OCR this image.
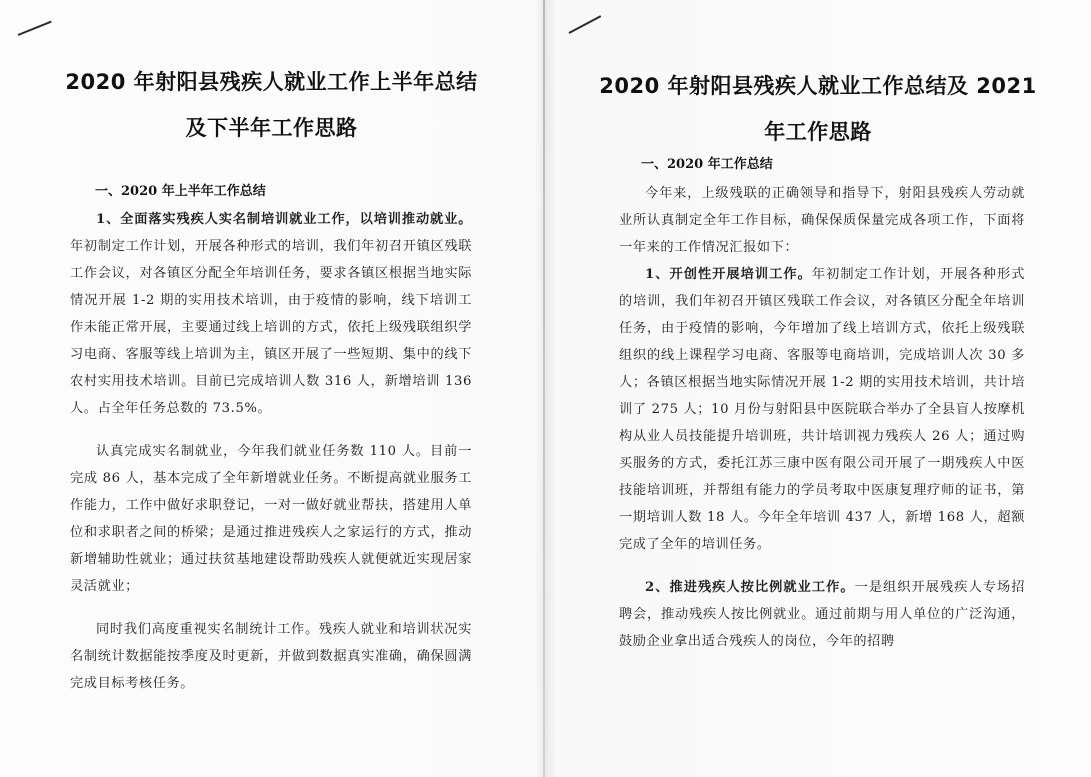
2020 年射阳县残疾人就业工作上半年总结
及下半年工作思路
一、2020 年上半年工作总结

1、全面落实残疾人实名制培训就业工作，以培训推动就业。年初制定工作计划，开展各种形式的培训，我们年初召开镇区残联工作会议，对各镇区分配全年培训任务，要求各镇区根据当地实际情况开展 1-2 期的实用技术培训，由于疫情的影响，线下培训工作未能正常开展，主要通过线上培训的方式，依托上级残联组织学习电商、客服等线上培训为主，镇区开展了一些短期、集中的线下农村实用技术培训。目前已完成培训人数 316 人，新增培训 136 人。占全年任务总数的 73.5%。

认真完成实名制就业，今年我们就业任务数 110 人。目前一完成 86 人，基本完成了全年新增就业任务。不断提高就业服务工作能力，工作中做好求职登记，一对一做好就业帮扶，搭建用人单位和求职者之间的桥梁；是通过推进残疾人之家运行的方式，推动新增辅助性就业；通过扶贫基地建设帮助残疾人就便就近实现居家灵活就业；

同时我们高度重视实名制统计工作。残疾人就业和培训状况实名制统计数据能按季度及时更新，并做到数据真实准确，确保圆满完成目标考核任务。

2020 年射阳县残疾人就业工作总结及 2021
年工作思路
一、2020 年工作总结

今年来，上级残联的正确领导和指导下，射阳县残疾人劳动就业所认真制定全年工作目标，确保保质保量完成各项工作，下面将一年来的工作情况汇报如下：

1、开创性开展培训工作。年初制定工作计划，开展各种形式的培训，我们年初召开镇区残联工作会议，对各镇区分配全年培训任务，由于疫情的影响，今年增加了线上培训方式，依托上级残联组织的线上课程学习电商、客服等电商培训，完成培训人次 30 多人；各镇区根据当地实际情况开展 1-2 期的实用技术培训，共计培训了 275 人；10 月份与射阳县中医院联合举办了全县盲人按摩机构从业人员技能提升培训班，共计培训视力残疾人 26 人；通过购买服务的方式，委托江苏三康中医有限公司开展了一期残疾人中医技能培训班，并帮组有能力的学员考取中医康复理疗师的证书，第一期培训人数 18 人。今年全年培训 437 人，新增 168 人，超额完成了全年的培训任务。

2、推进残疾人按比例就业工作。一是组织开展残疾人专场招聘会，推动残疾人按比例就业。通过前期与用人单位的广泛沟通，鼓励企业拿出适合残疾人的岗位，今年的招聘
